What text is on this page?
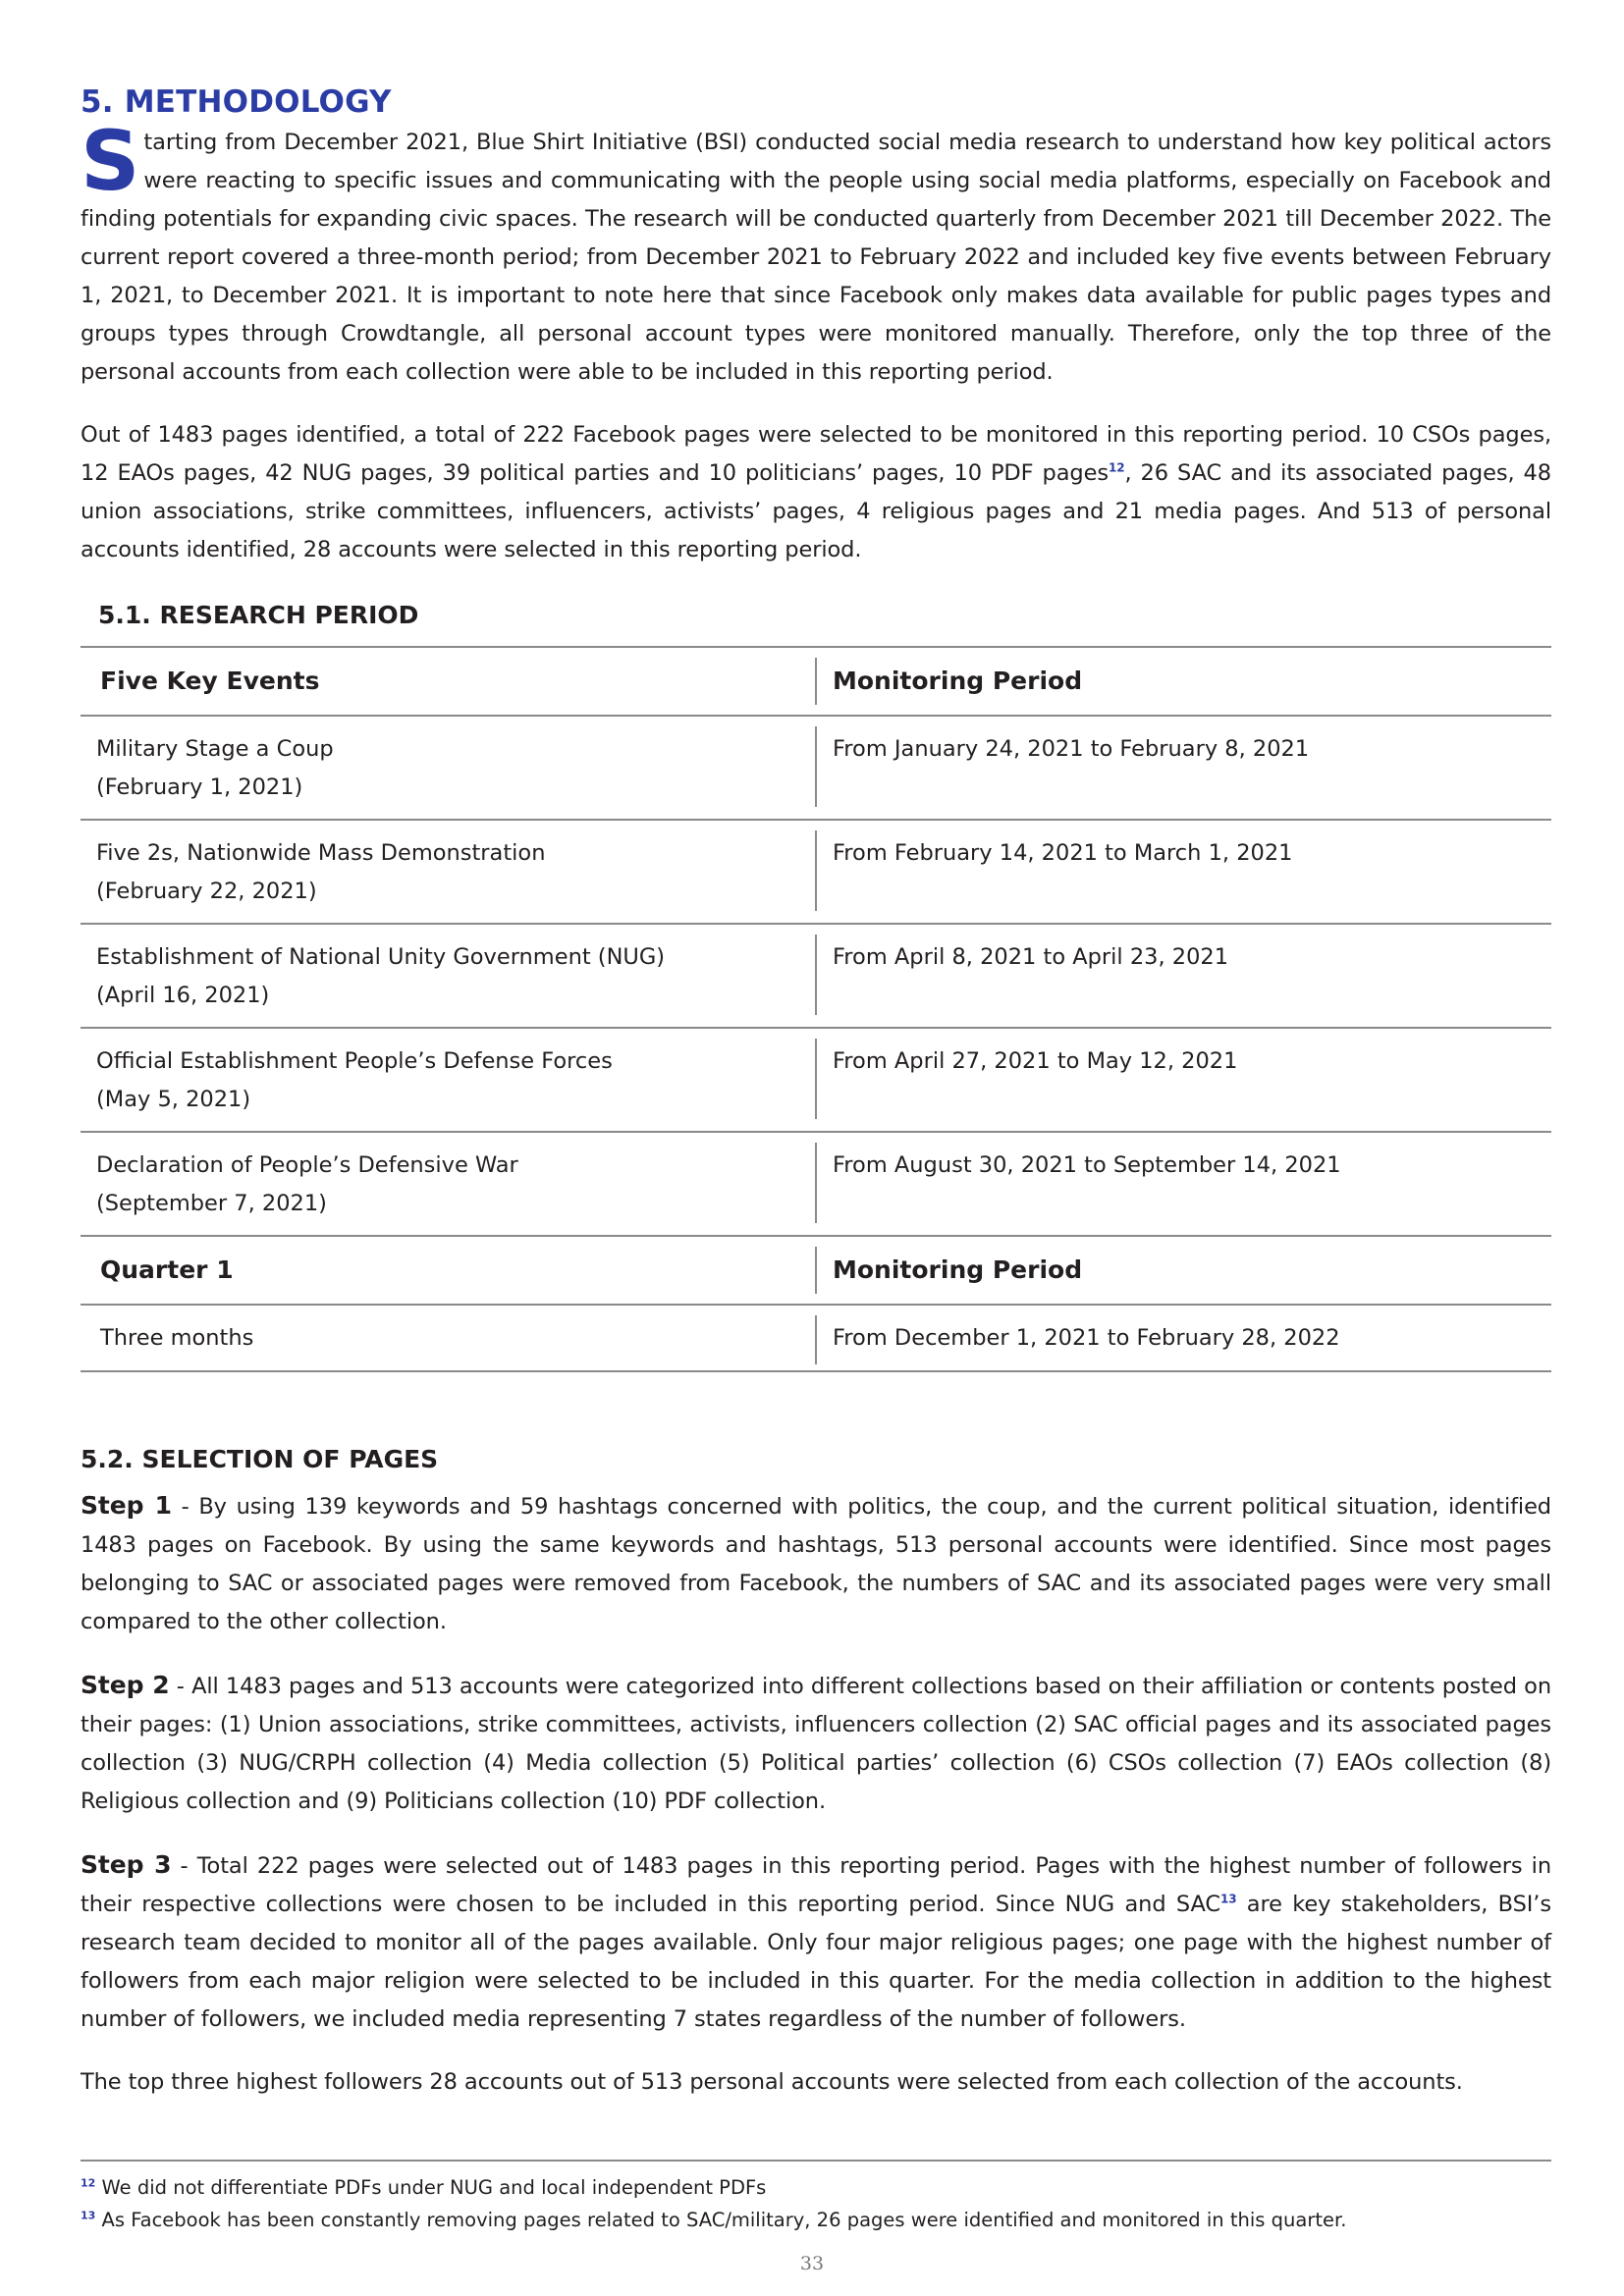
5. METHODOLOGY

Starting from December 2021, Blue Shirt Initiative (BSI) conducted social media research to understand how key political actors were reacting to specific issues and communicating with the people using social media platforms, especially on Facebook and finding potentials for expanding civic spaces. The research will be conducted quarterly from December 2021 till December 2022. The current report covered a three-month period; from December 2021 to February 2022 and included key five events between February 1, 2021, to December 2021. It is important to note here that since Facebook only makes data available for public pages types and groups types through Crowdtangle, all personal account types were monitored manually. Therefore, only the top three of the personal accounts from each collection were able to be included in this reporting period.

Out of 1483 pages identified, a total of 222 Facebook pages were selected to be monitored in this reporting period. 10 CSOs pages, 12 EAOs pages, 42 NUG pages, 39 political parties and 10 politicians’ pages, 10 PDF pages$^{12}$, 26 SAC and its associated pages, 48 union associations, strike committees, influencers, activists’ pages, 4 religious pages and 21 media pages. And 513 of personal accounts identified, 28 accounts were selected in this reporting period.

5.1. RESEARCH PERIOD
Five Key Events	Monitoring Period

Military Stage a Coup
(February 1, 2021)	From January 24, 2021 to February 8, 2021

Five 2s, Nationwide Mass Demonstration
(February 22, 2021)	From February 14, 2021 to March 1, 2021

Establishment of National Unity Government (NUG)
(April 16, 2021)	From April 8, 2021 to April 23, 2021

Official Establishment People’s Defense Forces
(May 5, 2021)	From April 27, 2021 to May 12, 2021

Declaration of People’s Defensive War
(September 7, 2021)	From August 30, 2021 to September 14, 2021

Quarter 1	Monitoring Period

Three months	From December 1, 2021 to February 28, 2022
5.2. SELECTION OF PAGES

Step 1 - By using 139 keywords and 59 hashtags concerned with politics, the coup, and the current political situation, identified 1483 pages on Facebook. By using the same keywords and hashtags, 513 personal accounts were identified. Since most pages belonging to SAC or associated pages were removed from Facebook, the numbers of SAC and its associated pages were very small compared to the other collection.

Step 2 - All 1483 pages and 513 accounts were categorized into different collections based on their affiliation or contents posted on their pages: (1) Union associations, strike committees, activists, influencers collection (2) SAC official pages and its associated pages collection (3) NUG/CRPH collection (4) Media collection (5) Political parties’ collection (6) CSOs collection (7) EAOs collection (8) Religious collection and (9) Politicians collection (10) PDF collection.

Step 3 - Total 222 pages were selected out of 1483 pages in this reporting period. Pages with the highest number of followers in their respective collections were chosen to be included in this reporting period. Since NUG and SAC$^{13}$ are key stakeholders, BSI’s research team decided to monitor all of the pages available. Only four major religious pages; one page with the highest number of followers from each major religion were selected to be included in this quarter. For the media collection in addition to the highest number of followers, we included media representing 7 states regardless of the number of followers.

The top three highest followers 28 accounts out of 513 personal accounts were selected from each collection of the accounts.

$^{12}$ We did not differentiate PDFs under NUG and local independent PDFs
$^{13}$ As Facebook has been constantly removing pages related to SAC/military, 26 pages were identified and monitored in this quarter.
33
